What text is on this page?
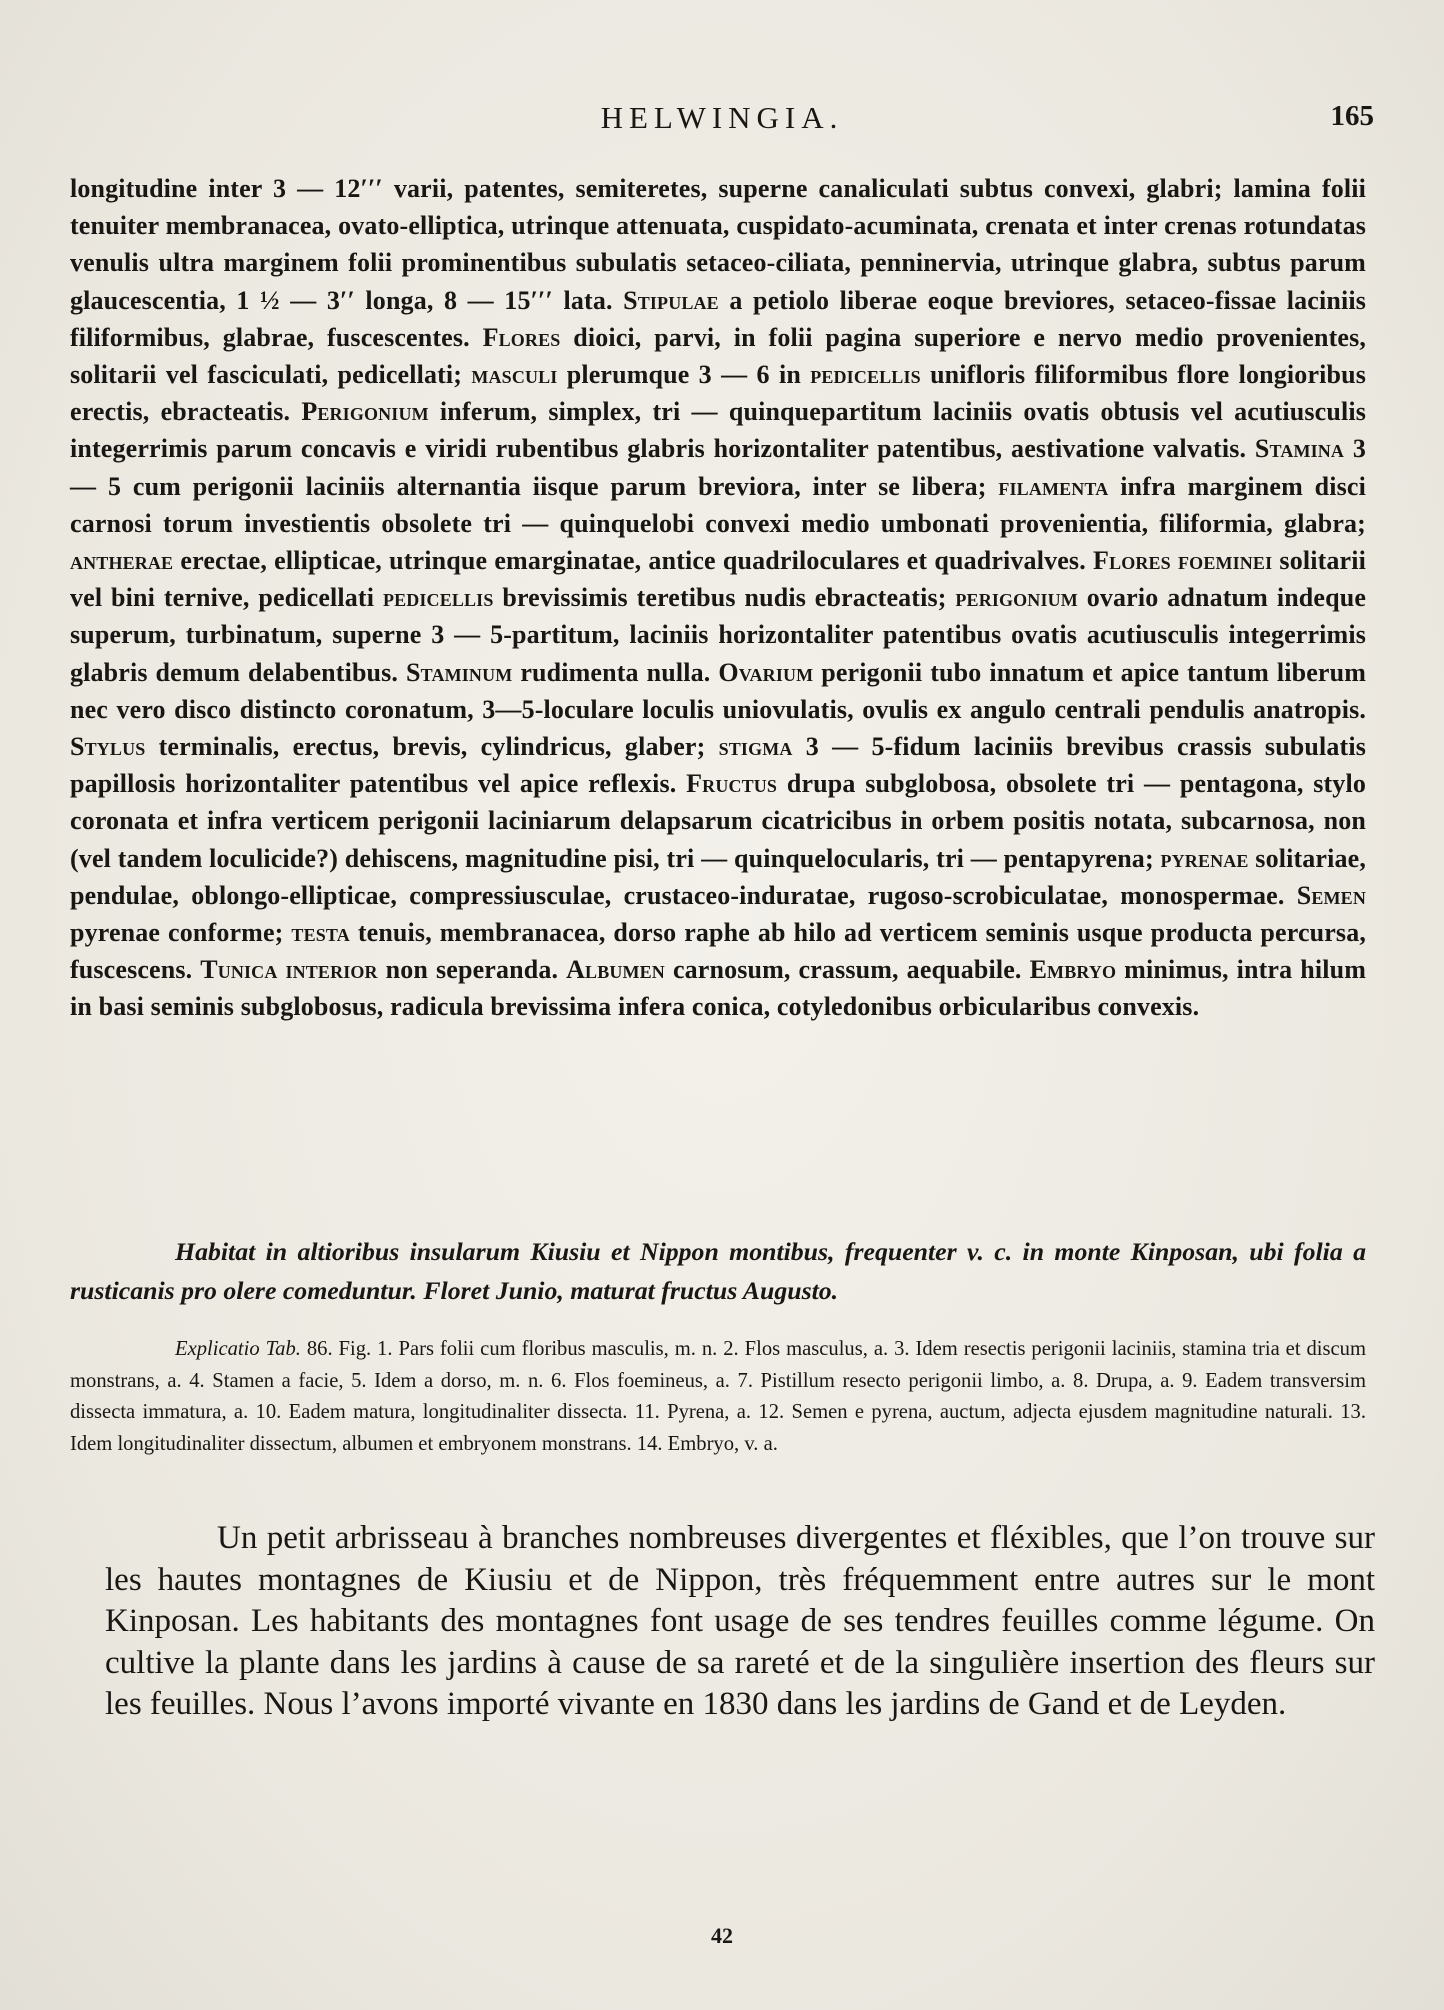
HELWINGIA.	165

longitudine inter 3 — 12′′′ varii, patentes, semiteretes, superne canaliculati subtus convexi, glabri; lamina folii tenuiter membranacea, ovato-elliptica, utrinque attenuata, cuspidato-acuminata, crenata et inter crenas rotundatas venulis ultra marginem folii prominentibus subulatis setaceo-ciliata, penninervia, utrinque glabra, subtus parum glaucescentia, 1 ½ — 3′′ longa, 8 — 15′′′ lata. Stipulae a petiolo liberae eoque breviores, setaceo-fissae laciniis filiformibus, glabrae, fuscescentes. Flores dioici, parvi, in folii pagina superiore e nervo medio provenientes, solitarii vel fasciculati, pedicellati; masculi plerumque 3 — 6 in pedicellis unifloris filiformibus flore longioribus erectis, ebracteatis. Perigonium inferum, simplex, tri — quinquepartitum laciniis ovatis obtusis vel acutiusculis integerrimis parum concavis e viridi rubentibus glabris horizontaliter patentibus, aestivatione valvatis. Stamina 3 — 5 cum perigonii laciniis alternantia iisque parum breviora, inter se libera; filamenta infra marginem disci carnosi torum investientis obsolete tri — quinquelobi convexi medio umbonati provenientia, filiformia, glabra; antherae erectae, ellipticae, utrinque emarginatae, antice quadriloculares et quadrivalves. Flores foeminei solitarii vel bini ternive, pedicellati pedicellis brevissimis teretibus nudis ebracteatis; perigonium ovario adnatum indeque superum, turbinatum, superne 3 — 5-partitum, laciniis horizontaliter patentibus ovatis acutiusculis integerrimis glabris demum delabentibus. Staminum rudimenta nulla. Ovarium perigonii tubo innatum et apice tantum liberum nec vero disco distincto coronatum, 3—5-loculare loculis uniovulatis, ovulis ex angulo centrali pendulis anatropis. Stylus terminalis, erectus, brevis, cylindricus, glaber; stigma 3 — 5-fidum laciniis brevibus crassis subulatis papillosis horizontaliter patentibus vel apice reflexis. Fructus drupa subglobosa, obsolete tri — pentagona, stylo coronata et infra verticem perigonii laciniarum delapsarum cicatricibus in orbem positis notata, subcarnosa, non (vel tandem loculicide?) dehiscens, magnitudine pisi, tri — quinquelocularis, tri — pentapyrena; pyrenae solitariae, pendulae, oblongo-ellipticae, compressiusculae, crustaceo-induratae, rugoso-scrobiculatae, monospermae. Semen pyrenae conforme; testa tenuis, membranacea, dorso raphe ab hilo ad verticem seminis usque producta percursa, fuscescens. Tunica interior non seperanda. Albumen carnosum, crassum, aequabile. Embryo minimus, intra hilum in basi seminis subglobosus, radicula brevissima infera conica, cotyledonibus orbicularibus convexis.

Habitat in altioribus insularum Kiusiu et Nippon montibus, frequenter v. c. in monte Kinposan, ubi folia a rusticanis pro olere comeduntur. Floret Junio, maturat fructus Augusto.

Explicatio Tab. 86. Fig. 1. Pars folii cum floribus masculis, m. n. 2. Flos masculus, a. 3. Idem resectis perigonii laciniis, stamina tria et discum monstrans, a. 4. Stamen a facie, 5. Idem a dorso, m. n. 6. Flos foemineus, a. 7. Pistillum resecto perigonii limbo, a. 8. Drupa, a. 9. Eadem transversim dissecta immatura, a. 10. Eadem matura, longitudinaliter dissecta. 11. Pyrena, a. 12. Semen e pyrena, auctum, adjecta ejusdem magnitudine naturali. 13. Idem longitudinaliter dissectum, albumen et embryonem monstrans. 14. Embryo, v. a.

Un petit arbrisseau à branches nombreuses divergentes et fléxibles, que l’on trouve sur les hautes montagnes de Kiusiu et de Nippon, très fréquemment entre autres sur le mont Kinposan. Les habitants des montagnes font usage de ses tendres feuilles comme légume. On cultive la plante dans les jardins à cause de sa rareté et de la singulière insertion des fleurs sur les feuilles. Nous l’avons importé vivante en 1830 dans les jardins de Gand et de Leyden.

42
